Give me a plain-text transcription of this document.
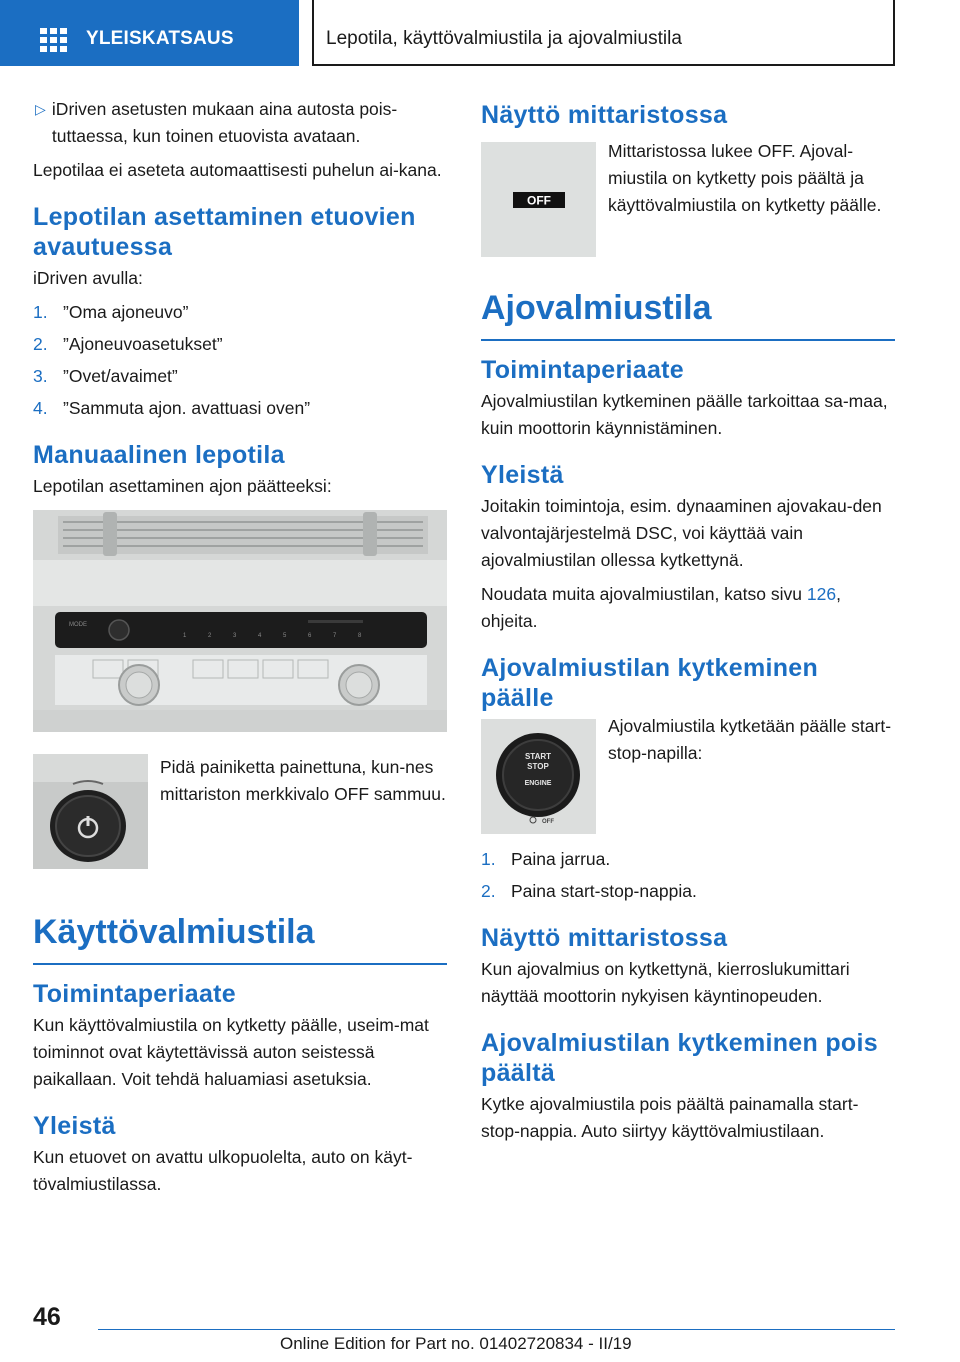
YLEISKATSAUS	Lepotila, käyttövalmiustila ja ajovalmiustila
▷ iDriven asetusten mukaan aina autosta pois-tuttaessa, kun toinen etuovista avataan.

Lepotilaa ei aseteta automaattisesti puhelun ai-kana.

Lepotilan asettaminen etuovien avautuessa

iDriven avulla:

1. ”Oma ajoneuvo”
2. ”Ajoneuvoasetukset”
3. ”Ovet/avaimet”
4. ”Sammuta ajon. avattuasi oven”
Manuaalinen lepotila

Lepotilan asettaminen ajon päätteeksi:

MODE
1	2	3	4	5	6	7	8
Pidä painiketta painettuna, kun-nes mittariston merkkivalo OFF sammuu.
Käyttövalmiustila
Toimintaperiaate

Kun käyttövalmiustila on kytketty päälle, useim-mat toiminnot ovat käytettävissä auton seistessä paikallaan. Voit tehdä haluamiasi asetuksia.

Yleistä

Kun etuovet on avattu ulkopuolelta, auto on käyt-tövalmiustilassa.

Näyttö mittaristossa
OFF
Mittaristossa lukee OFF. Ajoval-miustila on kytketty pois päältä ja käyttövalmiustila on kytketty päälle.
Ajovalmiustila
Toimintaperiaate

Ajovalmiustilan kytkeminen päälle tarkoittaa sa-maa, kuin moottorin käynnistäminen.

Yleistä

Joitakin toimintoja, esim. dynaaminen ajovakau-den valvontajärjestelmä DSC, voi käyttää vain ajovalmiustilan ollessa kytkettynä.

Noudata muita ajovalmiustilan, katso sivu 126, ohjeita.

Ajovalmiustilan kytkeminen päälle
START
STOP
ENGINE
OFF
Ajovalmiustila kytketään päälle start-stop-napilla:
1. Paina jarrua.
2. Paina start-stop-nappia.
Näyttö mittaristossa

Kun ajovalmius on kytkettynä, kierroslukumittari näyttää moottorin nykyisen käyntinopeuden.

Ajovalmiustilan kytkeminen pois päältä

Kytke ajovalmiustila pois päältä painamalla start-stop-nappia. Auto siirtyy käyttövalmiustilaan.

46
Online Edition for Part no. 01402720834 - II/19
